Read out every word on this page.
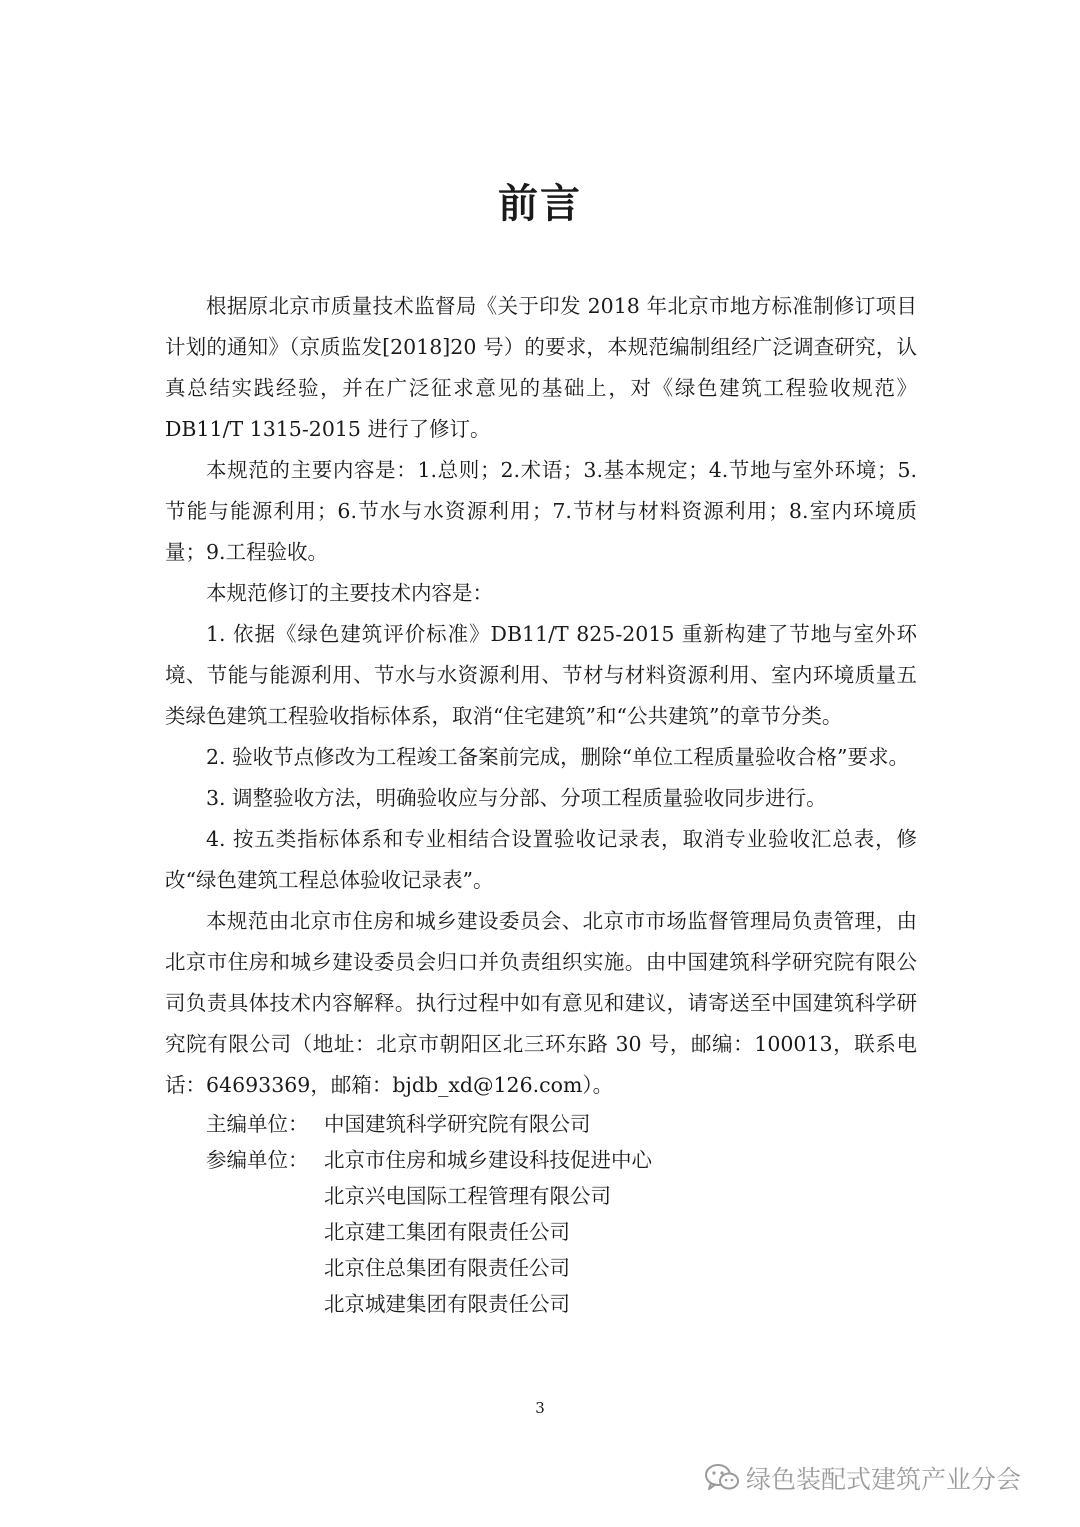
前言

根据原北京市质量技术监督局《关于印发 2018 年北京市地方标准制修订项目计划的通知》（京质监发[2018]20 号）的要求，本规范编制组经广泛调查研究，认真总结实践经验，并在广泛征求意见的基础上，对《绿色建筑工程验收规范》DB11/T 1315-2015 进行了修订。

本规范的主要内容是：1.总则；2.术语；3.基本规定；4.节地与室外环境；5.节能与能源利用；6.节水与水资源利用；7.节材与材料资源利用；8.室内环境质量；9.工程验收。

本规范修订的主要技术内容是：

1. 依据《绿色建筑评价标准》DB11/T 825-2015 重新构建了节地与室外环境、节能与能源利用、节水与水资源利用、节材与材料资源利用、室内环境质量五类绿色建筑工程验收指标体系，取消“住宅建筑”和“公共建筑”的章节分类。

2. 验收节点修改为工程竣工备案前完成，删除“单位工程质量验收合格”要求。

3. 调整验收方法，明确验收应与分部、分项工程质量验收同步进行。

4. 按五类指标体系和专业相结合设置验收记录表，取消专业验收汇总表，修改“绿色建筑工程总体验收记录表”。

本规范由北京市住房和城乡建设委员会、北京市市场监督管理局负责管理，由北京市住房和城乡建设委员会归口并负责组织实施。由中国建筑科学研究院有限公司负责具体技术内容解释。执行过程中如有意见和建议，请寄送至中国建筑科学研究院有限公司（地址：北京市朝阳区北三环东路 30 号，邮编：100013，联系电话：64693369，邮箱：bjdb_xd@126.com）。

主编单位： 中国建筑科学研究院有限公司
参编单位： 北京市住房和城乡建设科技促进中心
北京兴电国际工程管理有限公司
北京建工集团有限责任公司
北京住总集团有限责任公司
北京城建集团有限责任公司
3
绿色装配式建筑产业分会
